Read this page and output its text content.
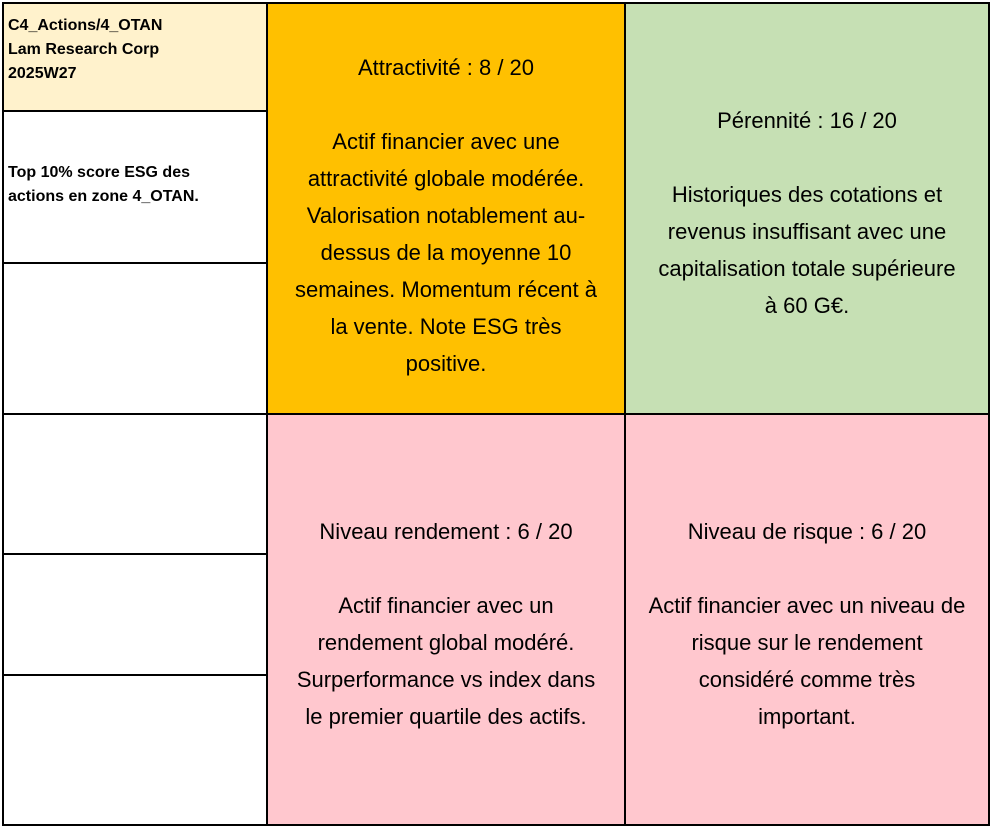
C4_Actions/4_OTAN
Lam Research Corp
2025W27
Top 10% score ESG des
actions en zone 4_OTAN.
Attractivité : 8 / 20
Actif financier avec une
attractivité globale modérée.
Valorisation notablement au-
dessus de la moyenne 10
semaines. Momentum récent à
la vente. Note ESG très
positive.
Pérennité : 16 / 20
Historiques des cotations et
revenus insuffisant avec une
capitalisation totale supérieure
à 60 G€.
Niveau rendement : 6 / 20
Actif financier avec un
rendement global modéré.
Surperformance vs index dans
le premier quartile des actifs.
Niveau de risque : 6 / 20
Actif financier avec un niveau de
risque sur le rendement
considéré comme très
important.
